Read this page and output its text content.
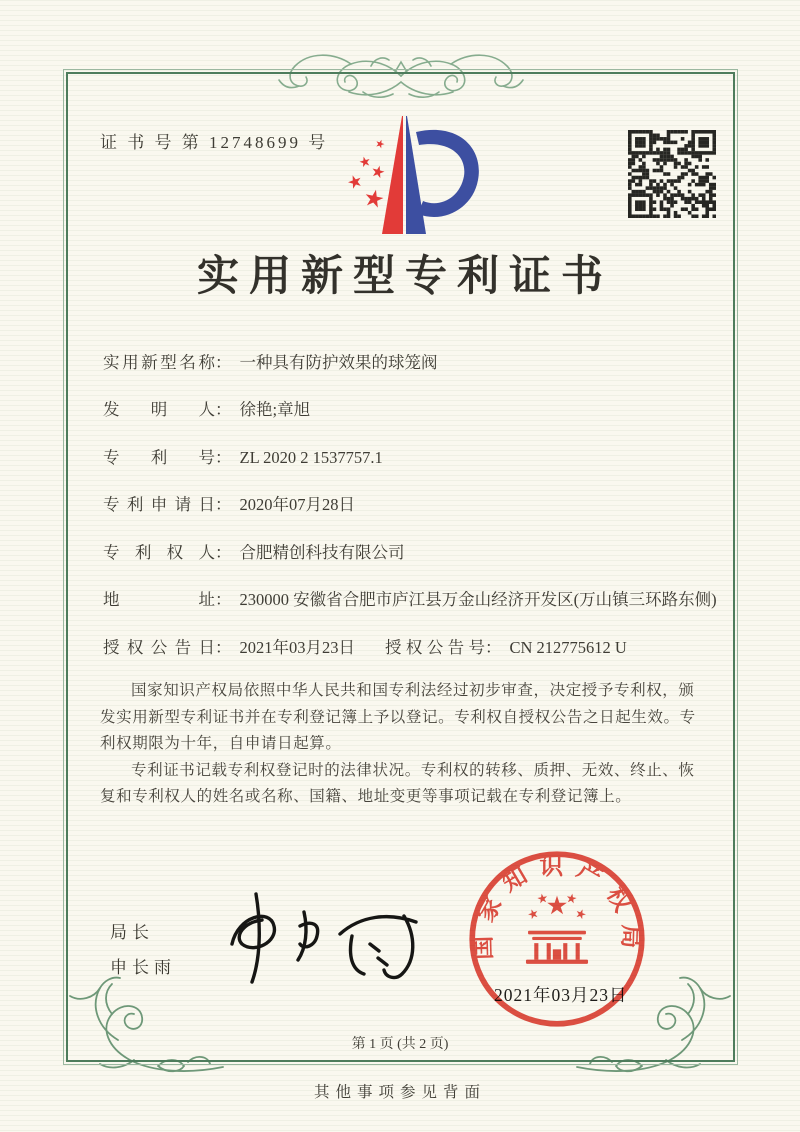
证 书 号 第 12748699 号
实用新型专利证书
实用新型名称 ： 一种具有防护效果的球笼阀
发明人 ： 徐艳;章旭
专利号 ： ZL 2020 2 1537757.1
专利申请日 ： 2020年07月28日
专利权人 ： 合肥精创科技有限公司
地址 ： 230000 安徽省合肥市庐江县万金山经济开发区(万山镇三环路东侧)
授权公告日 ： 2021年03月23日 授权公告号 ： CN 212775612 U

国家知识产权局依照中华人民共和国专利法经过初步审查，决定授予专利权，颁发实用新型专利证书并在专利登记簿上予以登记。专利权自授权公告之日起生效。专利权期限为十年，自申请日起算。

专利证书记载专利权登记时的法律状况。专利权的转移、质押、无效、终止、恢复和专利权人的姓名或名称、国籍、地址变更等事项记载在专利登记簿上。

局长
申长雨
2021年03月23日
国家知识产权局
第 1 页 (共 2 页)
其他事项参见背面
